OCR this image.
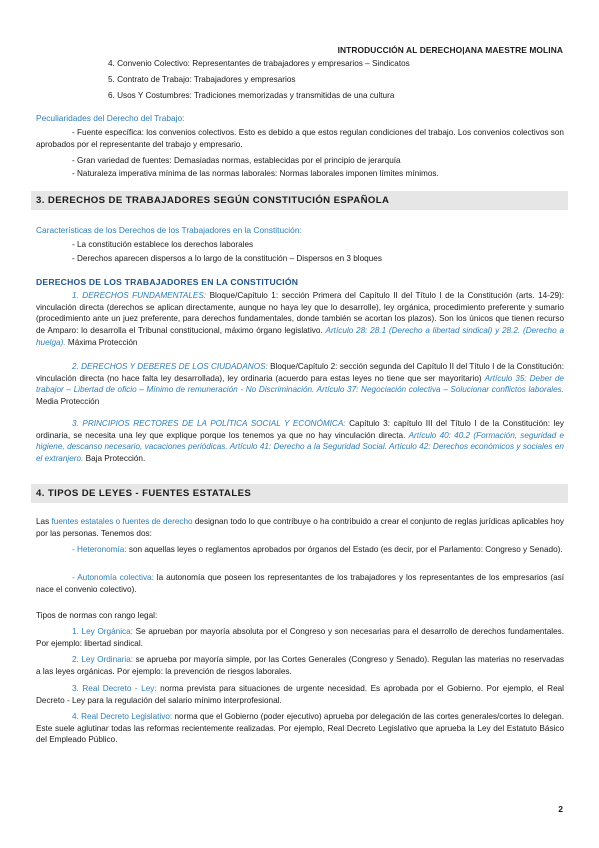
INTRODUCCIÓN AL DERECHO|ANA MAESTRE MOLINA
4. Convenio Colectivo: Representantes de trabajadores y empresarios – Sindicatos
5. Contrato de Trabajo: Trabajadores y empresarios
6. Usos Y Costumbres: Tradiciones memorizadas y transmitidas de una cultura
Peculiaridades del Derecho del Trabajo:
- Fuente específica: los convenios colectivos. Esto es debido a que estos regulan condiciones del trabajo. Los convenios colectivos son aprobados por el representante del trabajo y empresario.
- Gran variedad de fuentes: Demasiadas normas, establecidas por el principio de jerarquía
- Naturaleza imperativa mínima de las normas laborales: Normas laborales imponen límites mínimos.
3. DERECHOS DE TRABAJADORES SEGÚN CONSTITUCIÓN ESPAÑOLA
Características de los Derechos de los Trabajadores en la Constitución:
- La constitución establece los derechos laborales
- Derechos aparecen dispersos a lo largo de la constitución – Dispersos en 3 bloques
DERECHOS DE LOS TRABAJADORES EN LA CONSTITUCIÓN

1. DERECHOS FUNDAMENTALES: Bloque/Capítulo 1: sección Primera del Capítulo II del Título I de la Constitución (arts. 14-29): vinculación directa (derechos se aplican directamente, aunque no haya ley que lo desarrolle), ley orgánica, procedimiento preferente y sumario (procedimiento ante un juez preferente, para derechos fundamentales, donde también se acortan los plazos). Son los únicos que tienen recurso de Amparo: lo desarrolla el Tribunal constitucional, máximo órgano legislativo. Artículo 28: 28.1 (Derecho a libertad sindical) y 28.2. (Derecho a huelga). Máxima Protección

2. DERECHOS Y DEBERES DE LOS CIUDADANOS: Bloque/Capítulo 2: sección segunda del Capítulo II del Título I de la Constitución: vinculación directa (no hace falta ley desarrollada), ley ordinaria (acuerdo para estas leyes no tiene que ser mayoritario) Artículo 35: Deber de trabajor – Libertad de oficio – Mínimo de remuneración - No Discriminación. Artículo 37: Negociación colectiva – Solucionar conflictos laborales. Media Protección

3. PRINCIPIOS RECTORES DE LA POLÍTICA SOCIAL Y ECONÓMICA: Capítulo 3: capítulo III del Título I de la Constitución: ley ordinaria, se necesita una ley que explique porque los tenemos ya que no hay vinculación directa. Artículo 40: 40.2 (Formación, seguridad e higiene, descanso necesario, vacaciones periódicas. Artículo 41: Derecho a la Seguridad Social. Artículo 42: Derechos económicos y sociales en el extranjero. Baja Protección.

4. TIPOS DE LEYES - FUENTES ESTATALES

Las fuentes estatales o fuentes de derecho designan todo lo que contribuye o ha contribuido a crear el conjunto de reglas jurídicas aplicables hoy por las personas. Tenemos dos:

- Heteronomía: son aquellas leyes o reglamentos aprobados por órganos del Estado (es decir, por el Parlamento: Congreso y Senado).

- Autonomía colectiva: la autonomía que poseen los representantes de los trabajadores y los representantes de los empresarios (así nace el convenio colectivo).

Tipos de normas con rango legal:

1. Ley Orgánica: Se aprueban por mayoría absoluta por el Congreso y son necesarias para el desarrollo de derechos fundamentales. Por ejemplo: libertad sindical.

2. Ley Ordinaria: se aprueba por mayoría simple, por las Cortes Generales (Congreso y Senado). Regulan las materias no reservadas a las leyes orgánicas. Por ejemplo: la prevención de riesgos laborales.

3. Real Decreto - Ley: norma prevista para situaciones de urgente necesidad. Es aprobada por el Gobierno. Por ejemplo, el Real Decreto - Ley para la regulación del salario mínimo interprofesional.

4. Real Decreto Legislativo: norma que el Gobierno (poder ejecutivo) aprueba por delegación de las cortes generales/cortes lo delegan. Este suele aglutinar todas las reformas recientemente realizadas. Por ejemplo, Real Decreto Legislativo que aprueba la Ley del Estatuto Básico del Empleado Público.

2
